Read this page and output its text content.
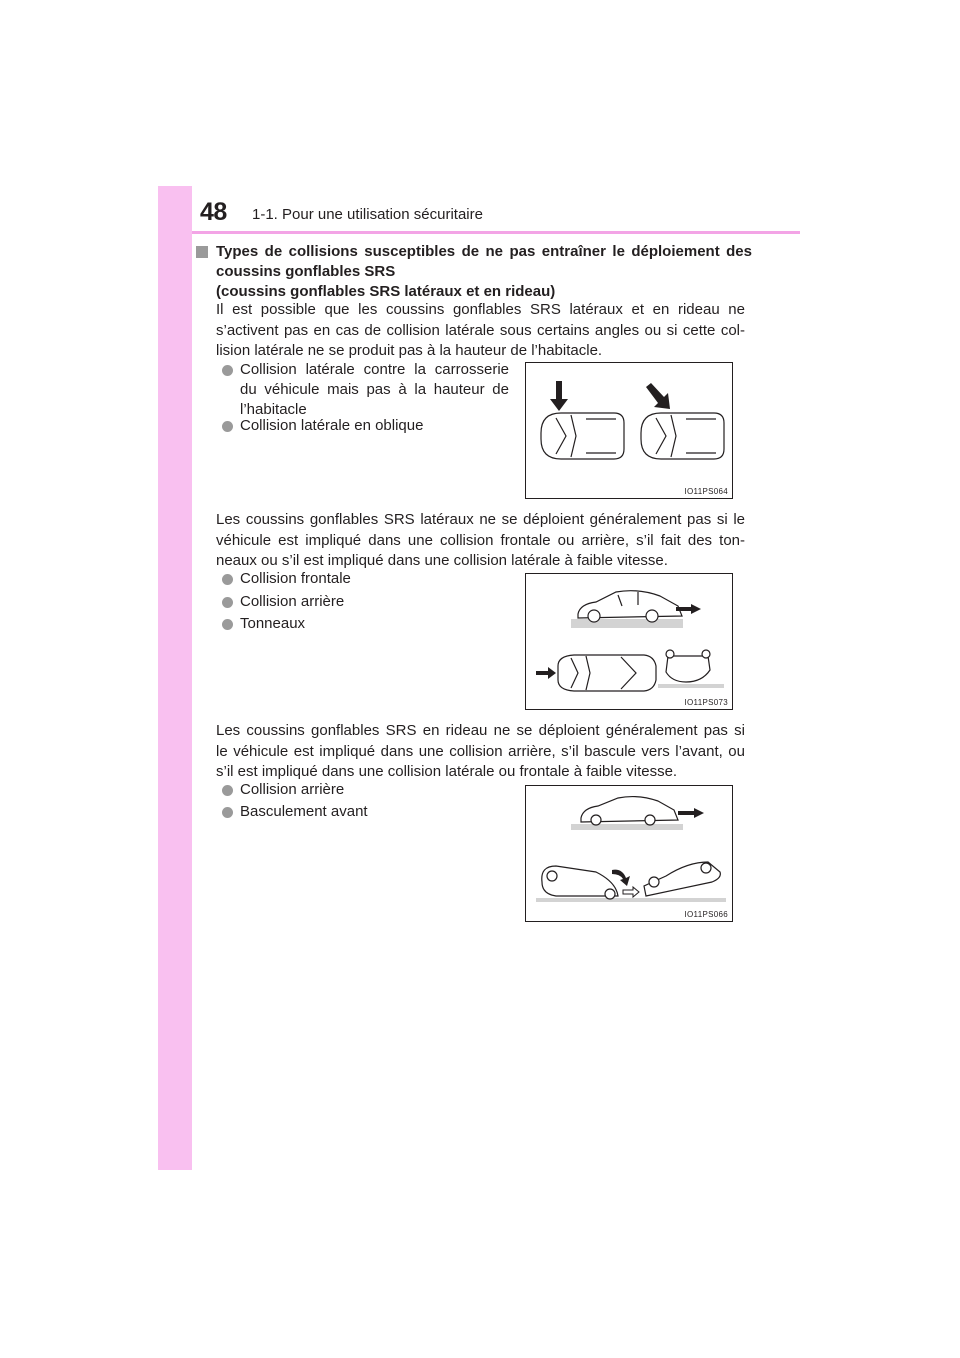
48 1-1. Pour une utilisation sécuritaire
Types de collisions susceptibles de ne pas entraîner le déploiement des
coussins gonflables SRS
(coussins gonflables SRS latéraux et en rideau)
Il est possible que les coussins gonflables SRS latéraux et en rideau ne
s’activent pas en cas de collision latérale sous certains angles ou si cette col-
lision latérale ne se produit pas à la hauteur de l’habitacle.
Collision latérale contre la carrosserie
du véhicule mais pas à la hauteur de
l’habitacle
Collision latérale en oblique
IO11PS064
Les coussins gonflables SRS latéraux ne se déploient généralement pas si le
véhicule est impliqué dans une collision frontale ou arrière, s’il fait des ton-
neaux ou s’il est impliqué dans une collision latérale à faible vitesse.
Collision frontale
Collision arrière
Tonneaux
IO11PS073
Les coussins gonflables SRS en rideau ne se déploient généralement pas si
le véhicule est impliqué dans une collision arrière, s’il bascule vers l’avant, ou
s’il est impliqué dans une collision latérale ou frontale à faible vitesse.
Collision arrière
Basculement avant
IO11PS066
